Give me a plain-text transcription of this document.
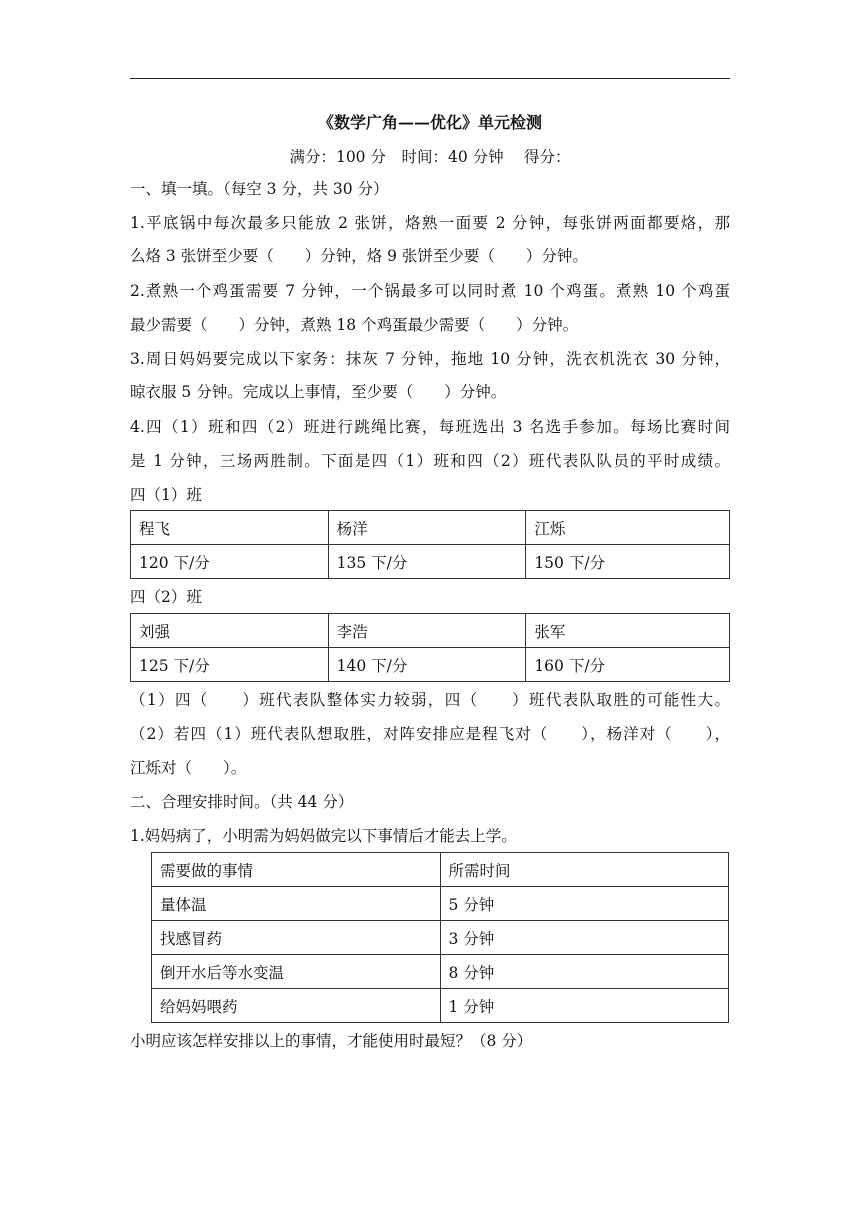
《数学广角——优化》单元检测
满分：100 分　时间：40 分钟　 得分：
一、填一填。（每空 3 分，共 30 分）
1.平底锅中每次最多只能放 2 张饼，烙熟一面要 2 分钟，每张饼两面都要烙，那
么烙 3 张饼至少要（　　）分钟，烙 9 张饼至少要（　　）分钟。
2.煮熟一个鸡蛋需要 7 分钟，一个锅最多可以同时煮 10 个鸡蛋。煮熟 10 个鸡蛋
最少需要（　　）分钟，煮熟 18 个鸡蛋最少需要（　　）分钟。
3.周日妈妈要完成以下家务：抹灰 7 分钟，拖地 10 分钟，洗衣机洗衣 30 分钟，
晾衣服 5 分钟。完成以上事情，至少要（　　）分钟。
4.四（1）班和四（2）班进行跳绳比赛，每班选出 3 名选手参加。每场比赛时间
是 1 分钟，三场两胜制。下面是四（1）班和四（2）班代表队队员的平时成绩。
四（1）班
程飞	杨洋	江烁
120 下/分	135 下/分	150 下/分
四（2）班
刘强	李浩	张军
125 下/分	140 下/分	160 下/分
（1）四（　　）班代表队整体实力较弱，四（　　）班代表队取胜的可能性大。
（2）若四（1）班代表队想取胜，对阵安排应是程飞对（　　），杨洋对（　　），
江烁对（　　）。
二、合理安排时间。（共 44 分）
1.妈妈病了，小明需为妈妈做完以下事情后才能去上学。
需要做的事情	所需时间
量体温	5 分钟
找感冒药	3 分钟
倒开水后等水变温	8 分钟
给妈妈喂药	1 分钟
小明应该怎样安排以上的事情，才能使用时最短？（8 分）
